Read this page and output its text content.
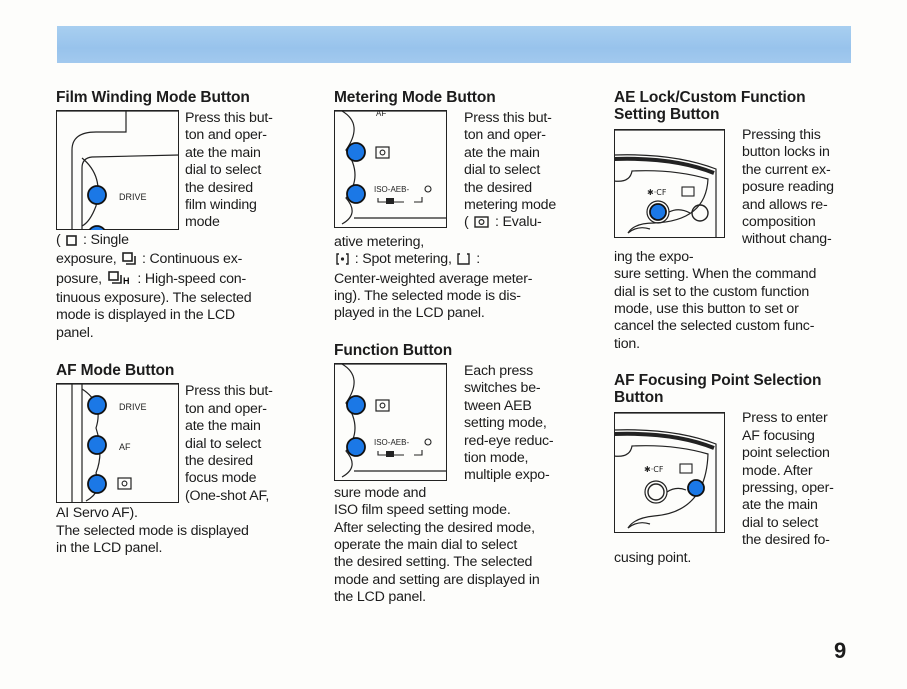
Film Winding Mode Button
DRIVE

Press this but-

ton and oper-

ate the main

dial to select

the desired

film winding

mode

(  : Single

exposure, : Continuous ex-

posure, H : High-speed con-

tinuous exposure). The selected

mode is displayed in the LCD

panel.

AF Mode Button
DRIVE
AF

Press this but-

ton and oper-

ate the main

dial to select

the desired

focus mode

(One-shot AF,

AI Servo AF).

The selected mode is displayed

in the LCD panel.

Metering Mode Button
AF
ISO-AEB-

Press this but-

ton and oper-

ate the main

dial to select

the desired

metering mode

(  : Evalu-

ative metering,

: Spot metering,  :

Center-weighted average meter-

ing). The selected mode is dis-

played in the LCD panel.

Function Button
ISO-AEB-

Each press

switches be-

tween AEB

setting mode,

red-eye reduc-

tion mode,

multiple expo-

sure mode and

ISO film speed setting mode.

After selecting the desired mode,

operate the main dial to select

the desired setting. The selected

mode and setting are displayed in

the LCD panel.

AE Lock/Custom Function
Setting Button
✱·CF

Pressing this

button locks in

the current ex-

posure reading

and allows re-

composition

without chang-

ing the expo-

sure setting. When the command

dial is set to the custom function

mode, use this button to set or

cancel the selected custom func-

tion.

AF Focusing Point Selection
Button
✱·CF

Press to enter

AF focusing

point selection

mode. After

pressing, oper-

ate the main

dial to select

the desired fo-

cusing point.

9
